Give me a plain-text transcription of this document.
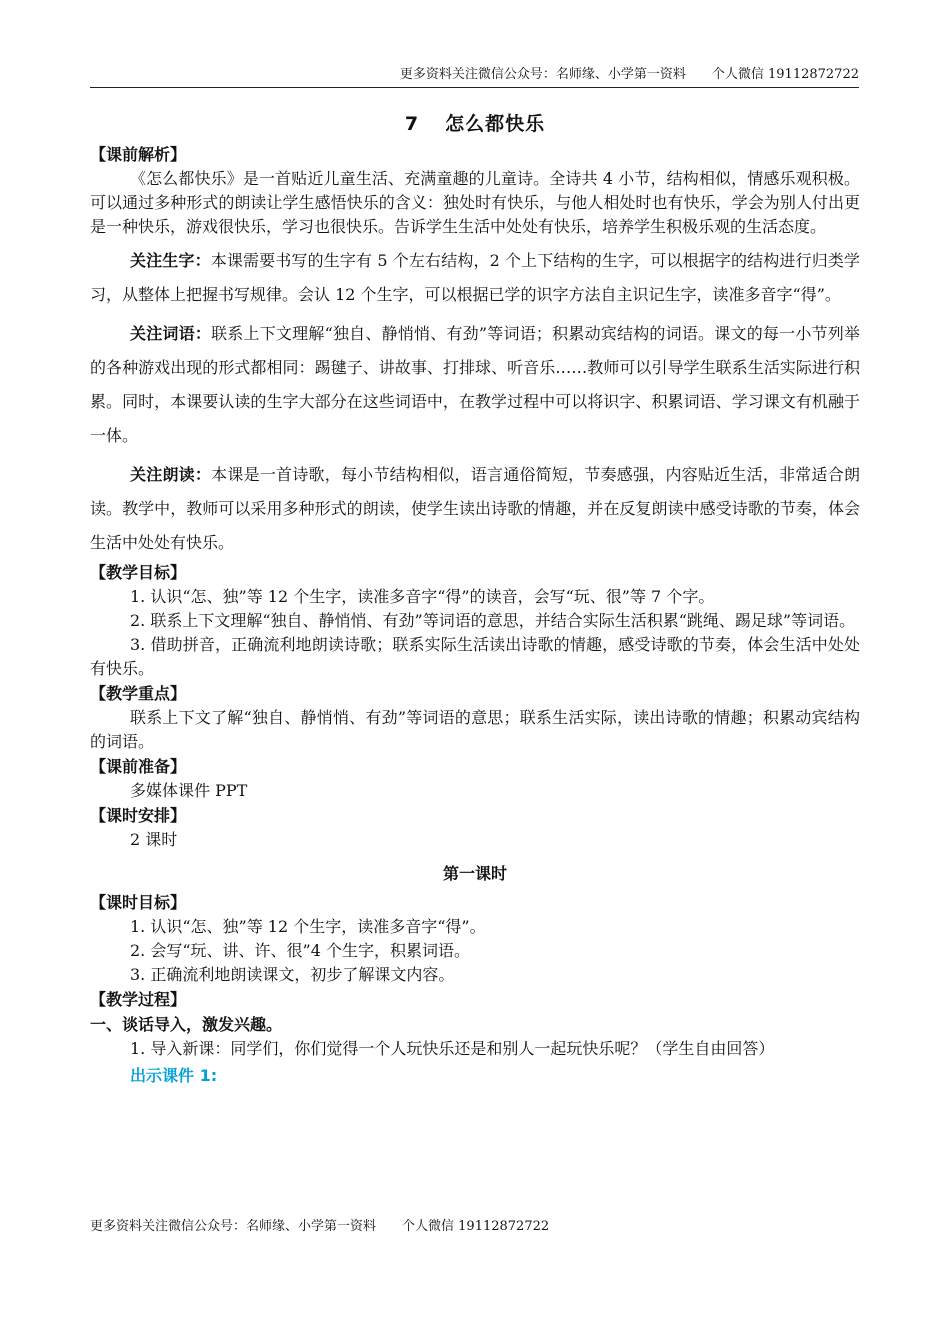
更多资料关注微信公众号：名师缘、小学第一资料 个人微信 19112872722
7 怎么都快乐
【课前解析】
《怎么都快乐》是一首贴近儿童生活、充满童趣的儿童诗。全诗共 4 小节，结构相似，情感乐观积极。可以通过多种形式的朗读让学生感悟快乐的含义：独处时有快乐，与他人相处时也有快乐，学会为别人付出更是一种快乐，游戏很快乐，学习也很快乐。告诉学生生活中处处有快乐，培养学生积极乐观的生活态度。
关注生字：本课需要书写的生字有 5 个左右结构，2 个上下结构的生字，可以根据字的结构进行归类学习，从整体上把握书写规律。会认 12 个生字，可以根据已学的识字方法自主识记生字，读准多音字“得”。
关注词语：联系上下文理解“独自、静悄悄、有劲”等词语；积累动宾结构的词语。课文的每一小节列举的各种游戏出现的形式都相同：踢毽子、讲故事、打排球、听音乐……教师可以引导学生联系生活实际进行积累。同时，本课要认读的生字大部分在这些词语中，在教学过程中可以将识字、积累词语、学习课文有机融于一体。
关注朗读：本课是一首诗歌，每小节结构相似，语言通俗简短，节奏感强，内容贴近生活，非常适合朗读。教学中，教师可以采用多种形式的朗读，使学生读出诗歌的情趣，并在反复朗读中感受诗歌的节奏，体会生活中处处有快乐。
【教学目标】
1. 认识“怎、独”等 12 个生字，读准多音字“得”的读音，会写“玩、很”等 7 个字。
2. 联系上下文理解“独自、静悄悄、有劲”等词语的意思，并结合实际生活积累“跳绳、踢足球”等词语。
3. 借助拼音，正确流利地朗读诗歌；联系实际生活读出诗歌的情趣，感受诗歌的节奏，体会生活中处处有快乐。
【教学重点】
联系上下文了解“独自、静悄悄、有劲”等词语的意思；联系生活实际，读出诗歌的情趣；积累动宾结构的词语。
【课前准备】
多媒体课件 PPT
【课时安排】
2 课时
第一课时
【课时目标】
1. 认识“怎、独”等 12 个生字，读准多音字“得”。
2. 会写“玩、讲、许、很”4 个生字，积累词语。
3. 正确流利地朗读课文，初步了解课文内容。
【教学过程】
一、谈话导入，激发兴趣。
1. 导入新课：同学们，你们觉得一个人玩快乐还是和别人一起玩快乐呢？（学生自由回答）
出示课件 1:
更多资料关注微信公众号：名师缘、小学第一资料 个人微信 19112872722
